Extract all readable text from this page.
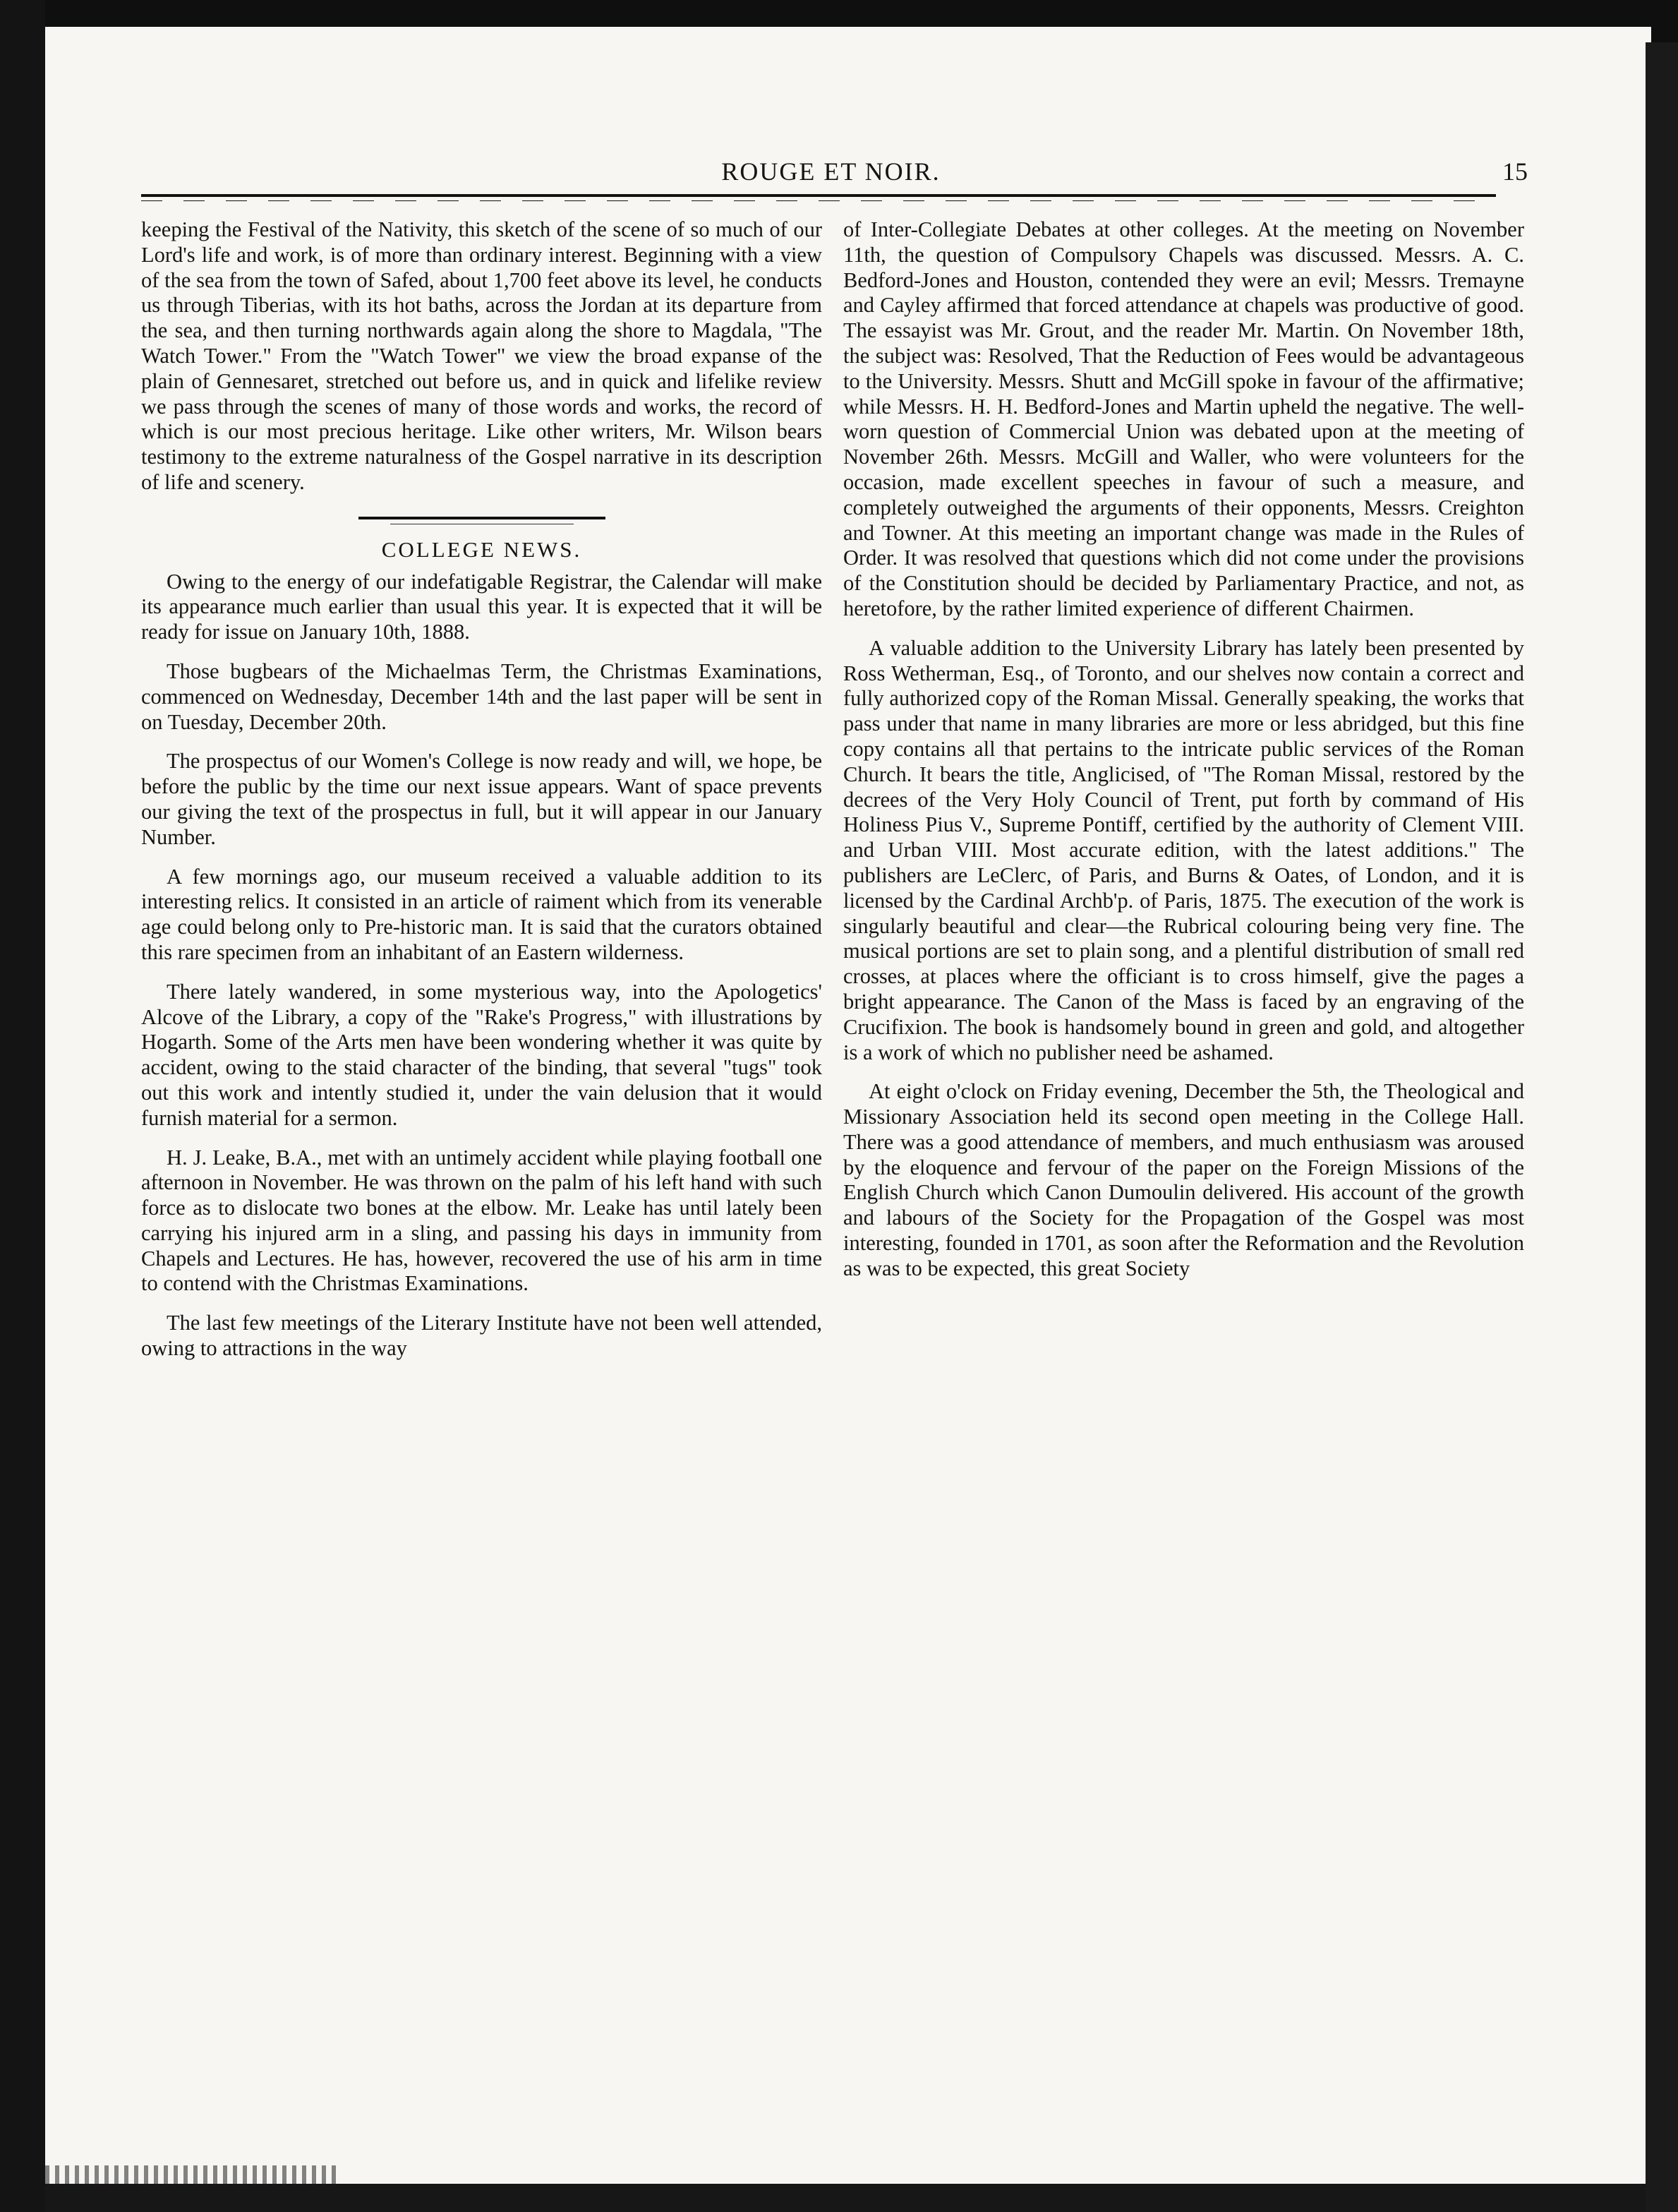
ROUGE ET NOIR.	15

keeping the Festival of the Nativity, this sketch of the scene of so much of our Lord's life and work, is of more than ordinary interest. Beginning with a view of the sea from the town of Safed, about 1,700 feet above its level, he conducts us through Tiberias, with its hot baths, across the Jordan at its departure from the sea, and then turning northwards again along the shore to Magdala, "The Watch Tower." From the "Watch Tower" we view the broad expanse of the plain of Gennesaret, stretched out before us, and in quick and lifelike review we pass through the scenes of many of those words and works, the record of which is our most precious heritage. Like other writers, Mr. Wilson bears testimony to the extreme naturalness of the Gospel narrative in its description of life and scenery.

COLLEGE NEWS.

Owing to the energy of our indefatigable Registrar, the Calendar will make its appearance much earlier than usual this year. It is expected that it will be ready for issue on January 10th, 1888.

Those bugbears of the Michaelmas Term, the Christmas Examinations, commenced on Wednesday, December 14th and the last paper will be sent in on Tuesday, December 20th.

The prospectus of our Women's College is now ready and will, we hope, be before the public by the time our next issue appears. Want of space prevents our giving the text of the prospectus in full, but it will appear in our January Number.

A few mornings ago, our museum received a valuable addition to its interesting relics. It consisted in an article of raiment which from its venerable age could belong only to Pre-historic man. It is said that the curators obtained this rare specimen from an inhabitant of an Eastern wilderness.

There lately wandered, in some mysterious way, into the Apologetics' Alcove of the Library, a copy of the "Rake's Progress," with illustrations by Hogarth. Some of the Arts men have been wondering whether it was quite by accident, owing to the staid character of the binding, that several "tugs" took out this work and intently studied it, under the vain delusion that it would furnish material for a sermon.

H. J. Leake, B.A., met with an untimely accident while playing football one afternoon in November. He was thrown on the palm of his left hand with such force as to dislocate two bones at the elbow. Mr. Leake has until lately been carrying his injured arm in a sling, and passing his days in immunity from Chapels and Lectures. He has, however, recovered the use of his arm in time to contend with the Christmas Examinations.

The last few meetings of the Literary Institute have not been well attended, owing to attractions in the way

of Inter-Collegiate Debates at other colleges. At the meeting on November 11th, the question of Compulsory Chapels was discussed. Messrs. A. C. Bedford-Jones and Houston, contended they were an evil; Messrs. Tremayne and Cayley affirmed that forced attendance at chapels was productive of good. The essayist was Mr. Grout, and the reader Mr. Martin. On November 18th, the subject was: Resolved, That the Reduction of Fees would be advantageous to the University. Messrs. Shutt and McGill spoke in favour of the affirmative; while Messrs. H. H. Bedford-Jones and Martin upheld the negative. The well-worn question of Commercial Union was debated upon at the meeting of November 26th. Messrs. McGill and Waller, who were volunteers for the occasion, made excellent speeches in favour of such a measure, and completely outweighed the arguments of their opponents, Messrs. Creighton and Towner. At this meeting an important change was made in the Rules of Order. It was resolved that questions which did not come under the provisions of the Constitution should be decided by Parliamentary Practice, and not, as heretofore, by the rather limited experience of different Chairmen.

A valuable addition to the University Library has lately been presented by Ross Wetherman, Esq., of Toronto, and our shelves now contain a correct and fully authorized copy of the Roman Missal. Generally speaking, the works that pass under that name in many libraries are more or less abridged, but this fine copy contains all that pertains to the intricate public services of the Roman Church. It bears the title, Anglicised, of "The Roman Missal, restored by the decrees of the Very Holy Council of Trent, put forth by command of His Holiness Pius V., Supreme Pontiff, certified by the authority of Clement VIII. and Urban VIII. Most accurate edition, with the latest additions." The publishers are LeClerc, of Paris, and Burns & Oates, of London, and it is licensed by the Cardinal Archb'p. of Paris, 1875. The execution of the work is singularly beautiful and clear—the Rubrical colouring being very fine. The musical portions are set to plain song, and a plentiful distribution of small red crosses, at places where the officiant is to cross himself, give the pages a bright appearance. The Canon of the Mass is faced by an engraving of the Crucifixion. The book is handsomely bound in green and gold, and altogether is a work of which no publisher need be ashamed.

At eight o'clock on Friday evening, December the 5th, the Theological and Missionary Association held its second open meeting in the College Hall. There was a good attendance of members, and much enthusiasm was aroused by the eloquence and fervour of the paper on the Foreign Missions of the English Church which Canon Dumoulin delivered. His account of the growth and labours of the Society for the Propagation of the Gospel was most interesting, founded in 1701, as soon after the Reformation and the Revolution as was to be expected, this great Society
